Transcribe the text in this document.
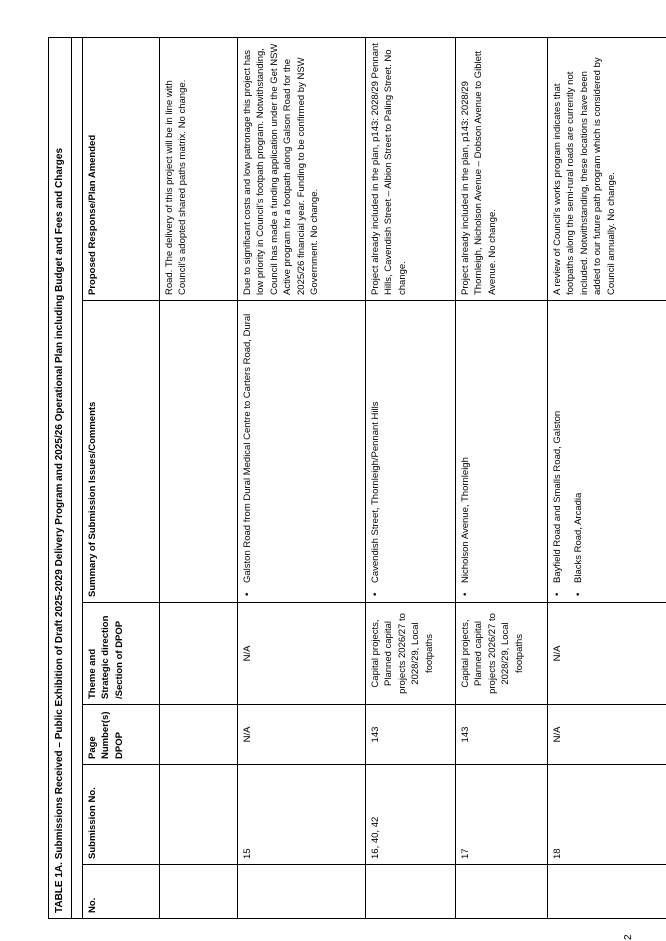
TABLE 1A. Submissions Received – Public Exhibition of Draft 2025-2029 Delivery Program and 2025/26 Operational Plan including Budget and Fees and Charges					

No.	Submission No.	Page Number(s) DPOP	Theme and Strategic direction /Section of DPOP	Summary of Submission Issues/Comments	Proposed Response/Plan Amended
					Road. The delivery of this project will be in line with Council’s adopted shared paths matrix. No change.
	15	N/A	N/A	• Galston Road from Dural Medical Centre to Carters Road, Dural	Due to significant costs and low patronage this project has low priority in Council’s footpath program. Notwithstanding, Council has made a funding application under the Get NSW Active program for a footpath along Galson Road for the 2025/26 financial year. Funding to be confirmed by NSW Government. No change.
	16, 40, 42	143	Capital projects, Planned capital projects 2026/27 to 2028/29, Local footpaths	• Cavendish Street, Thornleigh/Pennant Hills	Project already included in the plan, p143: 2028/29 Pennant Hills, Cavendish Street – Albion Street to Paling Street. No change.
	17	143	Capital projects, Planned capital projects 2026/27 to 2028/29, Local footpaths	• Nicholson Avenue, Thornleigh	Project already included in the plan, p143: 2028/29 Thornleigh, Nicholson Avenue – Dobson Avenue to Giblett Avenue. No change.
	18	N/A	N/A	• Bayfield Road and Smalls Road, Galston • Blacks Road, Arcadia	A review of Council’s works program indicates that footpaths along the semi-rural roads are currently not included. Notwithstanding, these locations have been added to our future path program which is considered by Council annually. No change.
2
